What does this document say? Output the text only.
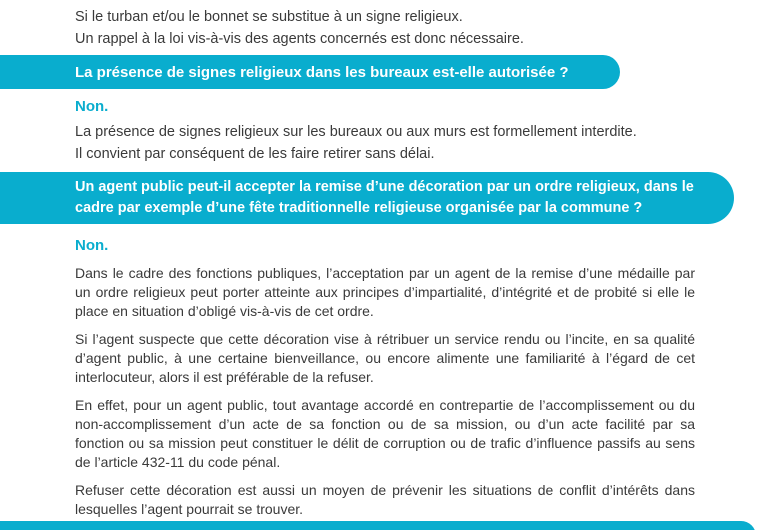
Si le turban et/ou le bonnet se substitue à un signe religieux.
Un rappel à la loi vis-à-vis des agents concernés est donc nécessaire.
La présence de signes religieux dans les bureaux est-elle autorisée ?
Non.
La présence de signes religieux sur les bureaux ou aux murs est formellement interdite.
Il convient par conséquent de les faire retirer sans délai.
Un agent public peut-il accepter la remise d’une décoration par un ordre religieux, dans le cadre par exemple d’une fête traditionnelle religieuse organisée par la commune ?
Non.
Dans le cadre des fonctions publiques, l’acceptation par un agent de la remise d’une médaille par un ordre religieux peut porter atteinte aux principes d’impartialité, d’intégrité et de probité si elle le place en situation d’obligé vis-à-vis de cet ordre.
Si l’agent suspecte que cette décoration vise à rétribuer un service rendu ou l’incite, en sa qualité d’agent public, à une certaine bienveillance, ou encore alimente une familiarité à l’égard de cet interlocuteur, alors il est préférable de la refuser.
En effet, pour un agent public, tout avantage accordé en contrepartie de l’accomplissement ou du non-accomplissement d’un acte de sa fonction ou de sa mission, ou d’un acte facilité par sa fonction ou sa mission peut constituer le délit de corruption ou de trafic d’influence passifs au sens de l’article 432-11 du code pénal.
Refuser cette décoration est aussi un moyen de prévenir les situations de conflit d’intérêts dans lesquelles l’agent pourrait se trouver.
